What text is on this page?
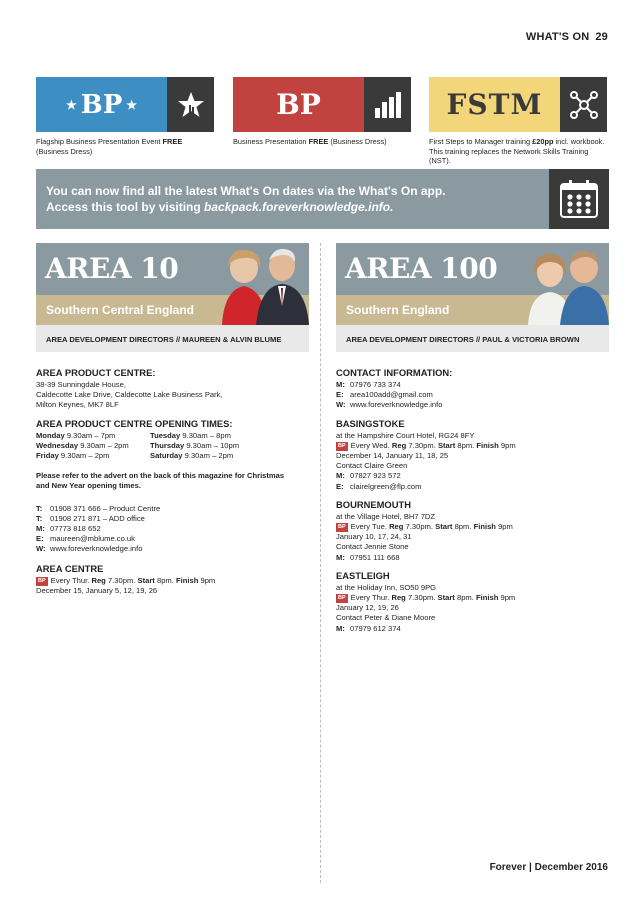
WHAT'S ON 29
★ BP ★	BP	FSTM
Flagship Business Presentation Event FREE
(Business Dress)
Business Presentation FREE (Business Dress)	First Steps to Manager training £20pp incl. workbook. This training replaces the Network Skills Training (NST).
You can now find all the latest What's On dates via the What's On app.
Access this tool by visiting backpack.foreverknowledge.info.
AREA 10
Southern Central England
AREA DEVELOPMENT DIRECTORS // MAUREEN & ALVIN BLUME
AREA 100
Southern England
AREA DEVELOPMENT DIRECTORS // PAUL & VICTORIA BROWN

AREA PRODUCT CENTRE:

38-39 Sunningdale House,

Caldecotte Lake Drive, Caldecotte Lake Business Park,

Milton Keynes, MK7 8LF

AREA PRODUCT CENTRE OPENING TIMES:

Monday 9.30am – 7pm	Tuesday 9.30am – 8pm
Wednesday 9.30am – 2pm	Thursday 9.30am – 10pm
Friday 9.30am – 2pm	Saturday 9.30am – 2pm

Please refer to the advert on the back of this magazine for Christmas and New Year opening times.

T: 01908 371 666 – Product Centre
T: 01908 271 871 – ADD office
M: 07773 818 652
E: maureen@mblume.co.uk
W: www.foreverknowledge.info

AREA CENTRE

BP Every Thur. Reg 7.30pm. Start 8pm. Finish 9pm
December 15, January 5, 12, 19, 26

CONTACT INFORMATION:

M: 07976 733 374
E: area100add@gmail.com
W: www.foreverknowledge.info

BASINGSTOKE

at the Hampshire Court Hotel, RG24 8FY
BP Every Wed. Reg 7.30pm. Start 8pm. Finish 9pm
December 14, January 11, 18, 25
Contact Claire Green
M: 07827 923 572
E: clairelgreen@flp.com

BOURNEMOUTH

at the Village Hotel, BH7 7DZ
BP Every Tue. Reg 7.30pm. Start 8pm. Finish 9pm
January 10, 17, 24, 31
Contact Jennie Stone
M: 07951 111 668

EASTLEIGH

at the Holiday Inn, SO50 9PG
BP Every Thur. Reg 7.30pm. Start 8pm. Finish 9pm
January 12, 19, 26
Contact Peter & Diane Moore
M: 07979 612 374
Forever | December 2016
